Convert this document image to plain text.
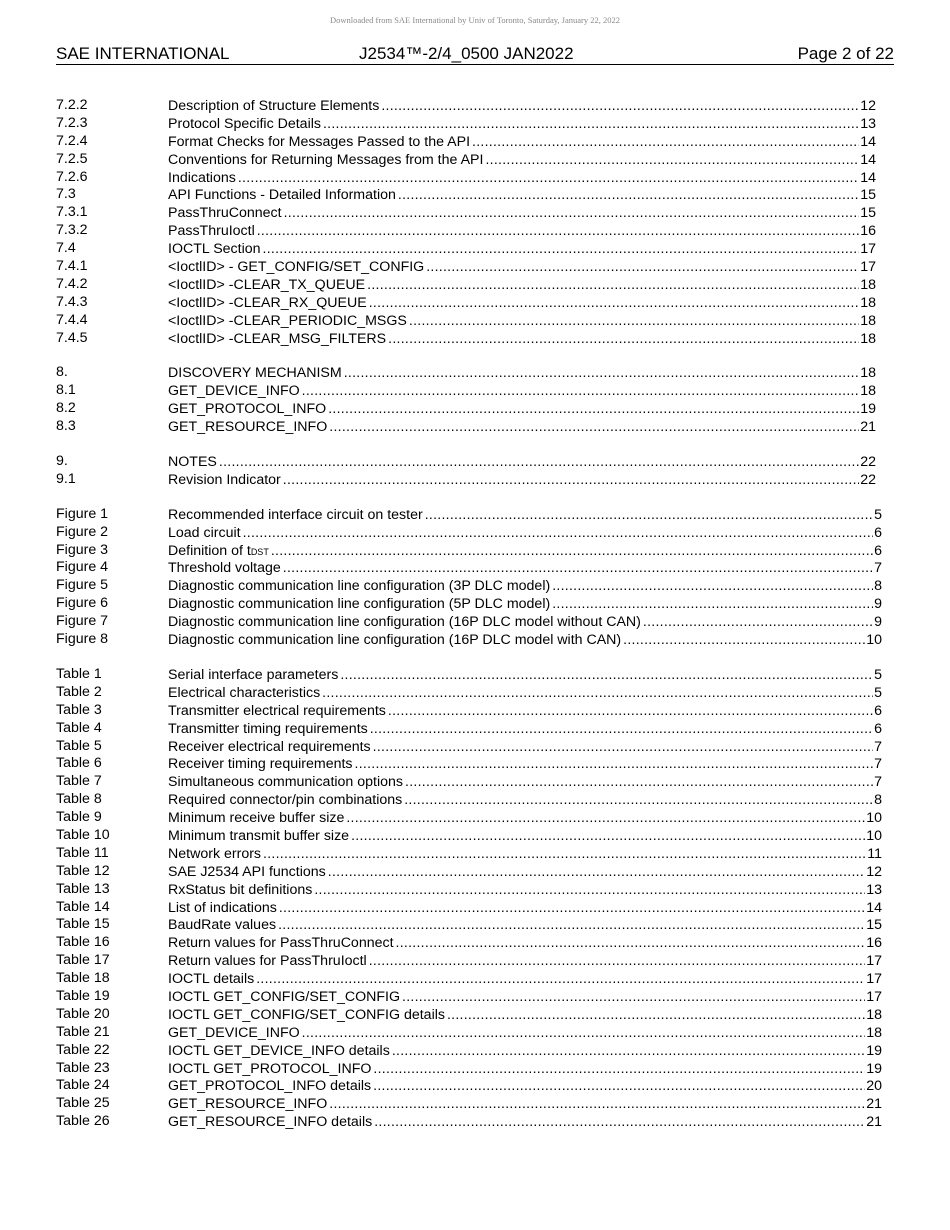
Downloaded from SAE International by Univ of Toronto, Saturday, January 22, 2022
SAE INTERNATIONAL	J2534™-2/4_0500 JAN2022	Page 2 of 22
7.2.2	Description of Structure Elements .....	12
7.2.3	Protocol Specific Details .....	13
7.2.4	Format Checks for Messages Passed to the API .....	14
7.2.5	Conventions for Returning Messages from the API .....	14
7.2.6	Indications .....	14
7.3	API Functions - Detailed Information .....	15
7.3.1	PassThruConnect .....	15
7.3.2	PassThruIoctl .....	16
7.4	IOCTL Section .....	17
7.4.1	<IoctlID> - GET_CONFIG/SET_CONFIG .....	17
7.4.2	<IoctlID> -CLEAR_TX_QUEUE .....	18
7.4.3	<IoctlID> -CLEAR_RX_QUEUE .....	18
7.4.4	<IoctlID> -CLEAR_PERIODIC_MSGS .....	18
7.4.5	<IoctlID> -CLEAR_MSG_FILTERS .....	18
8.	DISCOVERY MECHANISM .....	18
8.1	GET_DEVICE_INFO .....	18
8.2	GET_PROTOCOL_INFO .....	19
8.3	GET_RESOURCE_INFO .....	21
9.	NOTES .....	22
9.1	Revision Indicator .....	22
Figure 1	Recommended interface circuit on tester .....	5
Figure 2	Load circuit .....	6
Figure 3	Definition of tDST .....	6
Figure 4	Threshold voltage .....	7
Figure 5	Diagnostic communication line configuration (3P DLC model) .....	8
Figure 6	Diagnostic communication line configuration (5P DLC model) .....	9
Figure 7	Diagnostic communication line configuration (16P DLC model without CAN) .....	9
Figure 8	Diagnostic communication line configuration (16P DLC model with CAN) .....	10
Table 1	Serial interface parameters .....	5
Table 2	Electrical characteristics .....	5
Table 3	Transmitter electrical requirements .....	6
Table 4	Transmitter timing requirements .....	6
Table 5	Receiver electrical requirements .....	7
Table 6	Receiver timing requirements .....	7
Table 7	Simultaneous communication options .....	7
Table 8	Required connector/pin combinations .....	8
Table 9	Minimum receive buffer size .....	10
Table 10	Minimum transmit buffer size .....	10
Table 11	Network errors .....	11
Table 12	SAE J2534 API functions .....	12
Table 13	RxStatus bit definitions .....	13
Table 14	List of indications .....	14
Table 15	BaudRate values .....	15
Table 16	Return values for PassThruConnect .....	16
Table 17	Return values for PassThruIoctl .....	17
Table 18	IOCTL details .....	17
Table 19	IOCTL GET_CONFIG/SET_CONFIG .....	17
Table 20	IOCTL GET_CONFIG/SET_CONFIG details .....	18
Table 21	GET_DEVICE_INFO .....	18
Table 22	IOCTL GET_DEVICE_INFO details .....	19
Table 23	IOCTL GET_PROTOCOL_INFO .....	19
Table 24	GET_PROTOCOL_INFO details .....	20
Table 25	GET_RESOURCE_INFO .....	21
Table 26	GET_RESOURCE_INFO details .....	21
